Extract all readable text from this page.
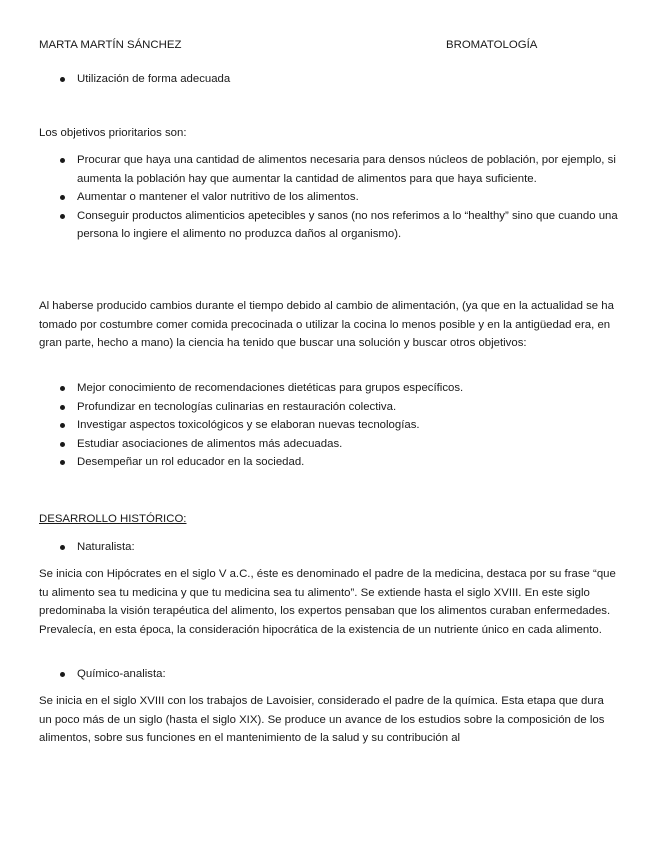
MARTA MARTÍN SÁNCHEZ	BROMATOLOGÍA
Utilización de forma adecuada

Los objetivos prioritarios son:

Procurar que haya una cantidad de alimentos necesaria para densos núcleos de población, por ejemplo, si aumenta la población hay que aumentar la cantidad de alimentos para que haya suficiente.
Aumentar o mantener el valor nutritivo de los alimentos.
Conseguir productos alimenticios apetecibles y sanos (no nos referimos a lo “healthy” sino que cuando una persona lo ingiere el alimento no produzca daños al organismo).

Al haberse producido cambios durante el tiempo debido al cambio de alimentación, (ya que en la actualidad se ha tomado por costumbre comer comida precocinada o utilizar la cocina lo menos posible y en la antigüedad era, en gran parte, hecho a mano) la ciencia ha tenido que buscar una solución y buscar otros objetivos:

Mejor conocimiento de recomendaciones dietéticas para grupos específicos.
Profundizar en tecnologías culinarias en restauración colectiva.
Investigar aspectos toxicológicos y se elaboran nuevas tecnologías.
Estudiar asociaciones de alimentos más adecuadas.
Desempeñar un rol educador en la sociedad.

DESARROLLO HISTÓRICO:

Naturalista:

Se inicia con Hipócrates en el siglo V a.C., éste es denominado el padre de la medicina, destaca por su frase “que tu alimento sea tu medicina y que tu medicina sea tu alimento”. Se extiende hasta el siglo XVIII. En este siglo predominaba la visión terapéutica del alimento, los expertos pensaban que los alimentos curaban enfermedades. Prevalecía, en esta época, la consideración hipocrática de la existencia de un nutriente único en cada alimento.

Químico-analista:

Se inicia en el siglo XVIII con los trabajos de Lavoisier, considerado el padre de la química. Esta etapa que dura un poco más de un siglo (hasta el siglo XIX). Se produce un avance de los estudios sobre la composición de los alimentos, sobre sus funciones en el mantenimiento de la salud y su contribución al
